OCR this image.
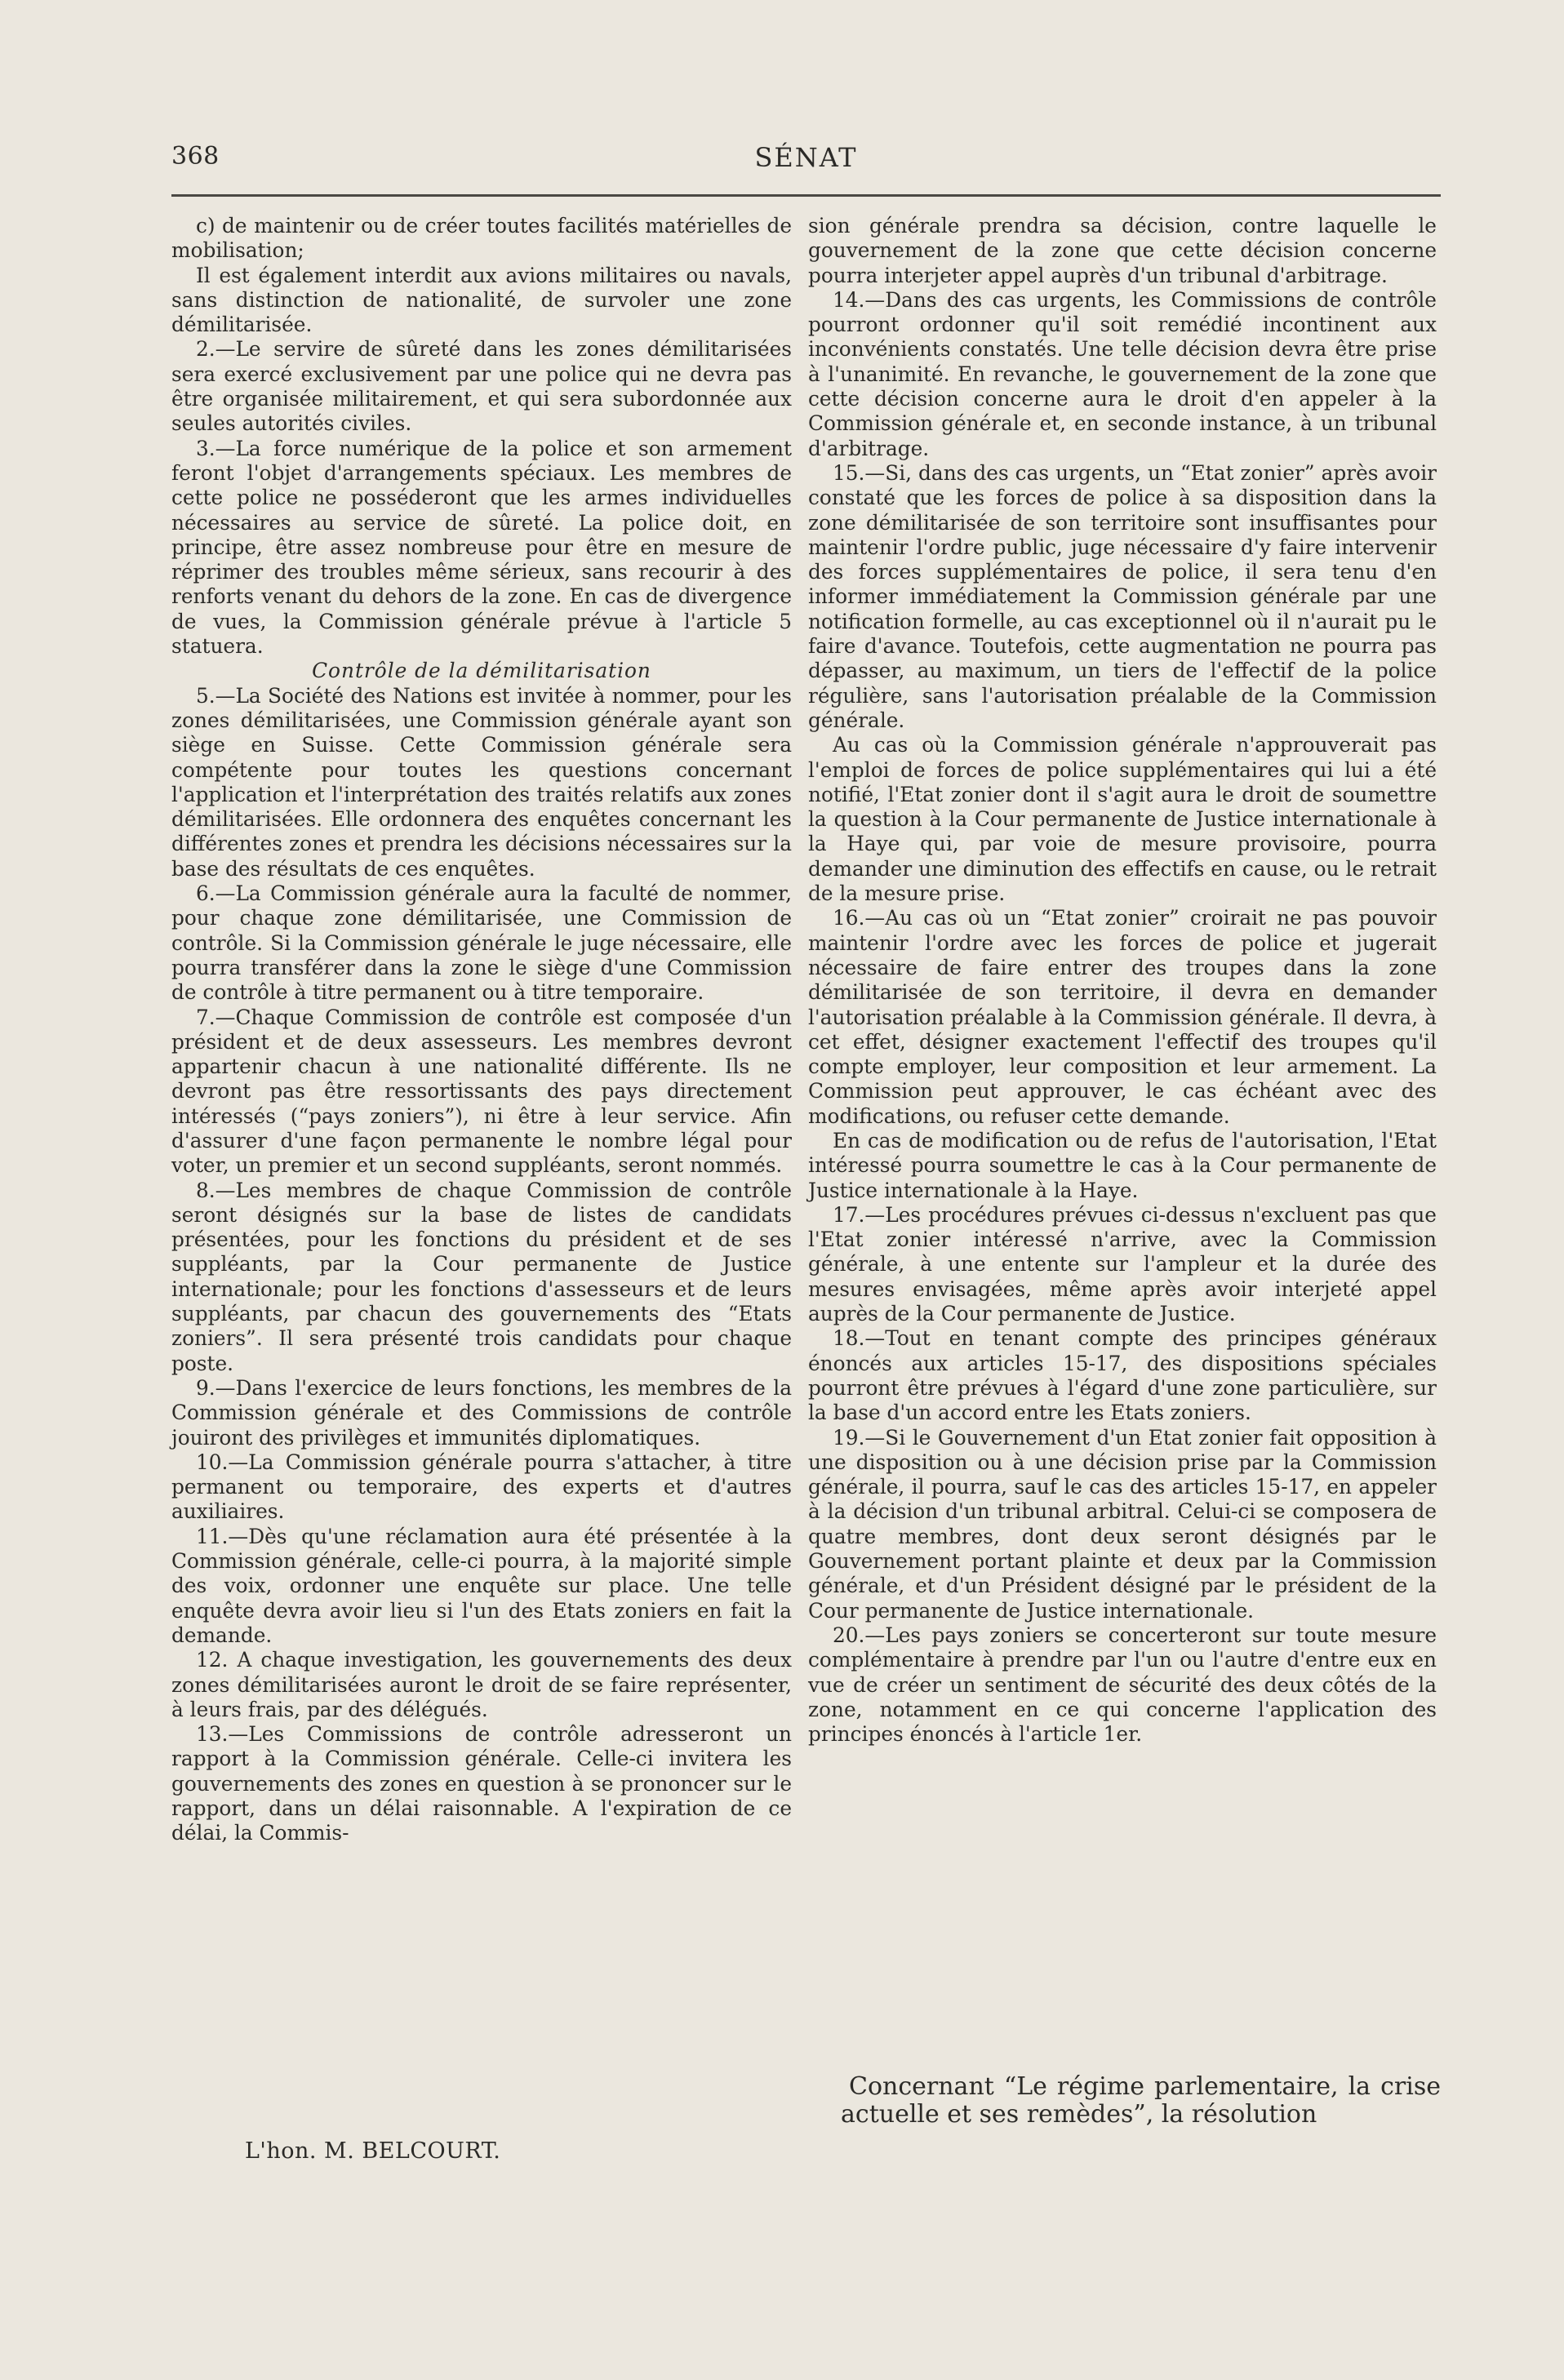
368	SÉNAT

c) de maintenir ou de créer toutes facilités matérielles de mobilisation;

Il est également interdit aux avions militaires ou navals, sans distinction de nationalité, de survoler une zone démilitarisée.

2.—Le servire de sûreté dans les zones démilitarisées sera exercé exclusivement par une police qui ne devra pas être organisée militairement, et qui sera subordonnée aux seules autorités civiles.

3.—La force numérique de la police et son armement feront l'objet d'arrangements spéciaux. Les membres de cette police ne posséderont que les armes individuelles nécessaires au service de sûreté. La police doit, en principe, être assez nombreuse pour être en mesure de réprimer des troubles même sérieux, sans recourir à des renforts venant du dehors de la zone. En cas de divergence de vues, la Commission générale prévue à l'article 5 statuera.

Contrôle de la démilitarisation

5.—La Société des Nations est invitée à nommer, pour les zones démilitarisées, une Commission générale ayant son siège en Suisse. Cette Commission générale sera compétente pour toutes les questions concernant l'application et l'interprétation des traités relatifs aux zones démilitarisées. Elle ordonnera des enquêtes concernant les différentes zones et prendra les décisions nécessaires sur la base des résultats de ces enquêtes.

6.—La Commission générale aura la faculté de nommer, pour chaque zone démilitarisée, une Commission de contrôle. Si la Commission générale le juge nécessaire, elle pourra transférer dans la zone le siège d'une Commission de contrôle à titre permanent ou à titre temporaire.

7.—Chaque Commission de contrôle est composée d'un président et de deux assesseurs. Les membres devront appartenir chacun à une nationalité différente. Ils ne devront pas être ressortissants des pays directement intéressés (“pays zoniers”), ni être à leur service. Afin d'assurer d'une façon permanente le nombre légal pour voter, un premier et un second suppléants, seront nommés.

8.—Les membres de chaque Commission de contrôle seront désignés sur la base de listes de candidats présentées, pour les fonctions du président et de ses suppléants, par la Cour permanente de Justice internationale; pour les fonctions d'assesseurs et de leurs suppléants, par chacun des gouvernements des “Etats zoniers”. Il sera présenté trois candidats pour chaque poste.

9.—Dans l'exercice de leurs fonctions, les membres de la Commission générale et des Commissions de contrôle jouiront des privilèges et immunités diplomatiques.

10.—La Commission générale pourra s'attacher, à titre permanent ou temporaire, des experts et d'autres auxiliaires.

11.—Dès qu'une réclamation aura été présentée à la Commission générale, celle-ci pourra, à la majorité simple des voix, ordonner une enquête sur place. Une telle enquête devra avoir lieu si l'un des Etats zoniers en fait la demande.

12. A chaque investigation, les gouvernements des deux zones démilitarisées auront le droit de se faire représenter, à leurs frais, par des délégués.

13.—Les Commissions de contrôle adresseront un rapport à la Commission générale. Celle-ci invitera les gouvernements des zones en question à se prononcer sur le rapport, dans un délai raisonnable. A l'expiration de ce délai, la Commis-

sion générale prendra sa décision, contre laquelle le gouvernement de la zone que cette décision concerne pourra interjeter appel auprès d'un tribunal d'arbitrage.

14.—Dans des cas urgents, les Commissions de contrôle pourront ordonner qu'il soit remédié incontinent aux inconvénients constatés. Une telle décision devra être prise à l'unanimité. En revanche, le gouvernement de la zone que cette décision concerne aura le droit d'en appeler à la Commission générale et, en seconde instance, à un tribunal d'arbitrage.

15.—Si, dans des cas urgents, un “Etat zonier” après avoir constaté que les forces de police à sa disposition dans la zone démilitarisée de son territoire sont insuffisantes pour maintenir l'ordre public, juge nécessaire d'y faire intervenir des forces supplémentaires de police, il sera tenu d'en informer immédiatement la Commission générale par une notification formelle, au cas exceptionnel où il n'aurait pu le faire d'avance. Toutefois, cette augmentation ne pourra pas dépasser, au maximum, un tiers de l'effectif de la police régulière, sans l'autorisation préalable de la Commission générale.

Au cas où la Commission générale n'approuverait pas l'emploi de forces de police supplémentaires qui lui a été notifié, l'Etat zonier dont il s'agit aura le droit de soumettre la question à la Cour permanente de Justice internationale à la Haye qui, par voie de mesure provisoire, pourra demander une diminution des effectifs en cause, ou le retrait de la mesure prise.

16.—Au cas où un “Etat zonier” croirait ne pas pouvoir maintenir l'ordre avec les forces de police et jugerait nécessaire de faire entrer des troupes dans la zone démilitarisée de son territoire, il devra en demander l'autorisation préalable à la Commission générale. Il devra, à cet effet, désigner exactement l'effectif des troupes qu'il compte employer, leur composition et leur armement. La Commission peut approuver, le cas échéant avec des modifications, ou refuser cette demande.

En cas de modification ou de refus de l'autorisation, l'Etat intéressé pourra soumettre le cas à la Cour permanente de Justice internationale à la Haye.

17.—Les procédures prévues ci-dessus n'excluent pas que l'Etat zonier intéressé n'arrive, avec la Commission générale, à une entente sur l'ampleur et la durée des mesures envisagées, même après avoir interjeté appel auprès de la Cour permanente de Justice.

18.—Tout en tenant compte des principes généraux énoncés aux articles 15-17, des dispositions spéciales pourront être prévues à l'égard d'une zone particulière, sur la base d'un accord entre les Etats zoniers.

19.—Si le Gouvernement d'un Etat zonier fait opposition à une disposition ou à une décision prise par la Commission générale, il pourra, sauf le cas des articles 15-17, en appeler à la décision d'un tribunal arbitral. Celui-ci se composera de quatre membres, dont deux seront désignés par le Gouvernement portant plainte et deux par la Commission générale, et d'un Président désigné par le président de la Cour permanente de Justice internationale.

20.—Les pays zoniers se concerteront sur toute mesure complémentaire à prendre par l'un ou l'autre d'entre eux en vue de créer un sentiment de sécurité des deux côtés de la zone, notamment en ce qui concerne l'application des principes énoncés à l'article 1er.

Concernant “Le régime parlementaire, la crise actuelle et ses remèdes”, la résolution

L'hon. M. BELCOURT.
